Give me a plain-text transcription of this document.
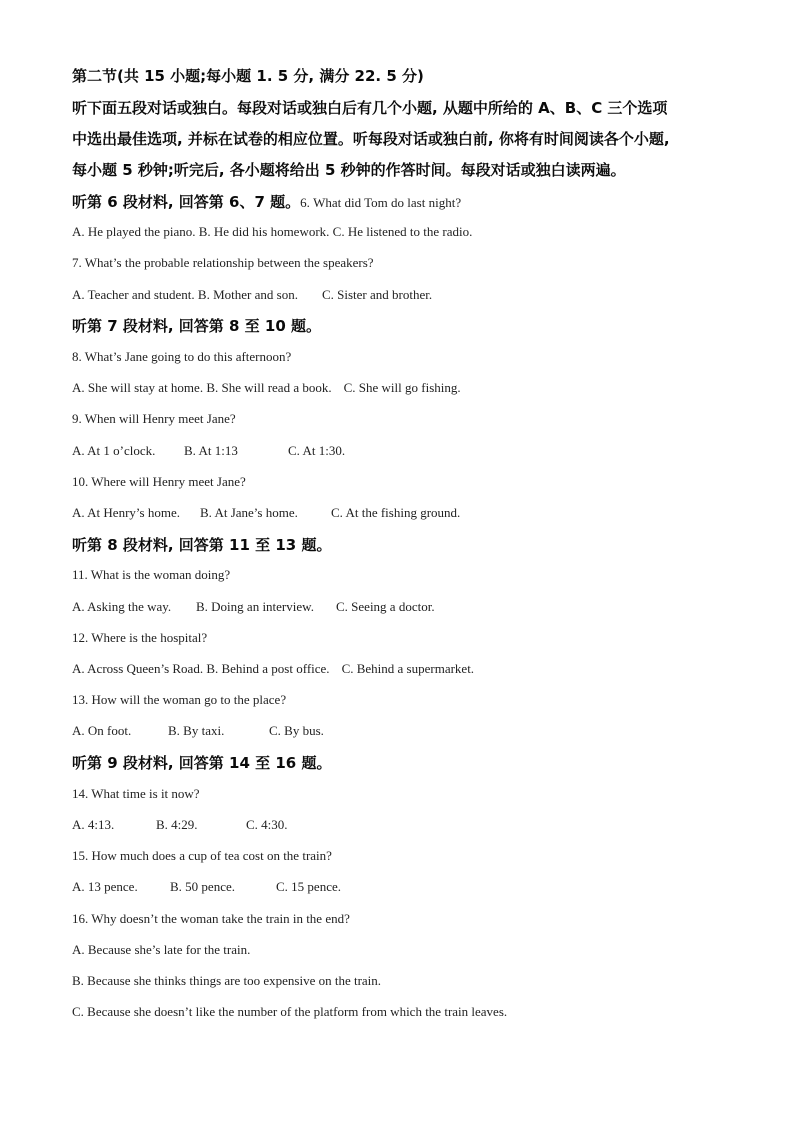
第二节(共 15 小题;每小题 1. 5 分, 满分 22. 5 分)
听下面五段对话或独白。每段对话或独白后有几个小题, 从题中所给的 A、B、C 三个选项
中选出最佳选项, 并标在试卷的相应位置。听每段对话或独白前, 你将有时间阅读各个小题,
每小题 5 秒钟;听完后, 各小题将给出 5 秒钟的作答时间。每段对话或独白读两遍。
听第 6 段材料, 回答第 6、7 题。6. What did Tom do last night?
A. He played the piano. B. He did his homework. C. He listened to the radio.
7. What’s the probable relationship between the speakers?
A. Teacher and student. B. Mother and son. C. Sister and brother.
听第 7 段材料, 回答第 8 至 10 题。
8. What’s Jane going to do this afternoon?
A. She will stay at home. B. She will read a book. C. She will go fishing.
9. When will Henry meet Jane?
A. At 1 o’clock. B. At 1:13	C. At 1:30.
10. Where will Henry meet Jane?
A. At Henry’s home. B. At Jane’s home.	C. At the fishing ground.
听第 8 段材料, 回答第 11 至 13 题。
11. What is the woman doing?
A. Asking the way. B. Doing an interview. C. Seeing a doctor.
12. Where is the hospital?
A. Across Queen’s Road. B. Behind a post office. C. Behind a supermarket.
13. How will the woman go to the place?
A. On foot.	B. By taxi.	C. By bus.
听第 9 段材料, 回答第 14 至 16 题。
14. What time is it now?
A. 4:13.	B. 4:29.	C. 4:30.
15. How much does a cup of tea cost on the train?
A. 13 pence. B. 50 pence.	C. 15 pence.
16. Why doesn’t the woman take the train in the end?
A. Because she’s late for the train.
B. Because she thinks things are too expensive on the train.
C. Because she doesn’t like the number of the platform from which the train leaves.
